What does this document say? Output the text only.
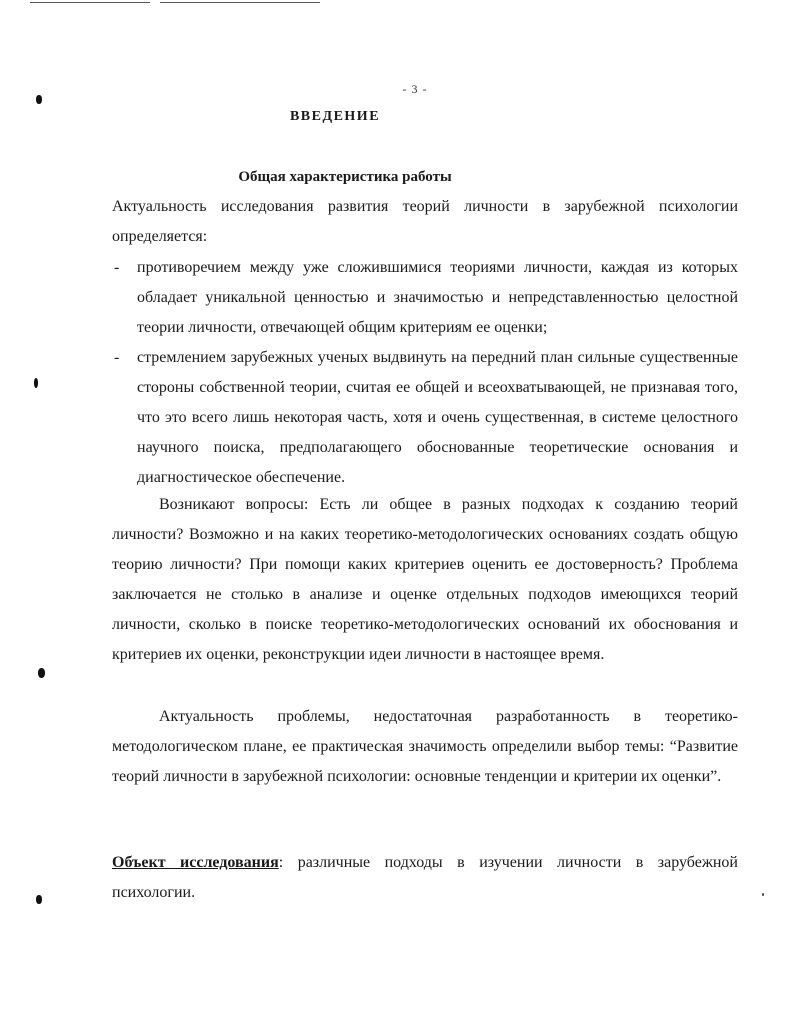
- 3 -
ВВЕДЕНИЕ
Общая характеристика работы
Актуальность исследования развития теорий личности в зарубежной психологии определяется:
- противоречием между уже сложившимися теориями личности, каждая из которых обладает уникальной ценностью и значимостью и непредставленностью целостной теории личности, отвечающей общим критериям ее оценки;
- стремлением зарубежных ученых выдвинуть на передний план сильные существенные стороны собственной теории, считая ее общей и всеохватывающей, не признавая того, что это всего лишь некоторая часть, хотя и очень существенная, в системе целостного научного поиска, предполагающего обоснованные теоретические основания и диагностическое обеспечение.
Возникают вопросы: Есть ли общее в разных подходах к созданию теорий личности? Возможно и на каких теоретико-методологических основаниях создать общую теорию личности? При помощи каких критериев оценить ее достоверность? Проблема заключается не столько в анализе и оценке отдельных подходов имеющихся теорий личности, сколько в поиске теоретико-методологических оснований их обоснования и критериев их оценки, реконструкции идеи личности в настоящее время.
Актуальность проблемы, недостаточная разработанность в теоретико-методологическом плане, ее практическая значимость определили выбор темы: “Развитие теорий личности в зарубежной психологии: основные тенденции и критерии их оценки”.
Объект исследования: различные подходы в изучении личности в зарубежной психологии.
